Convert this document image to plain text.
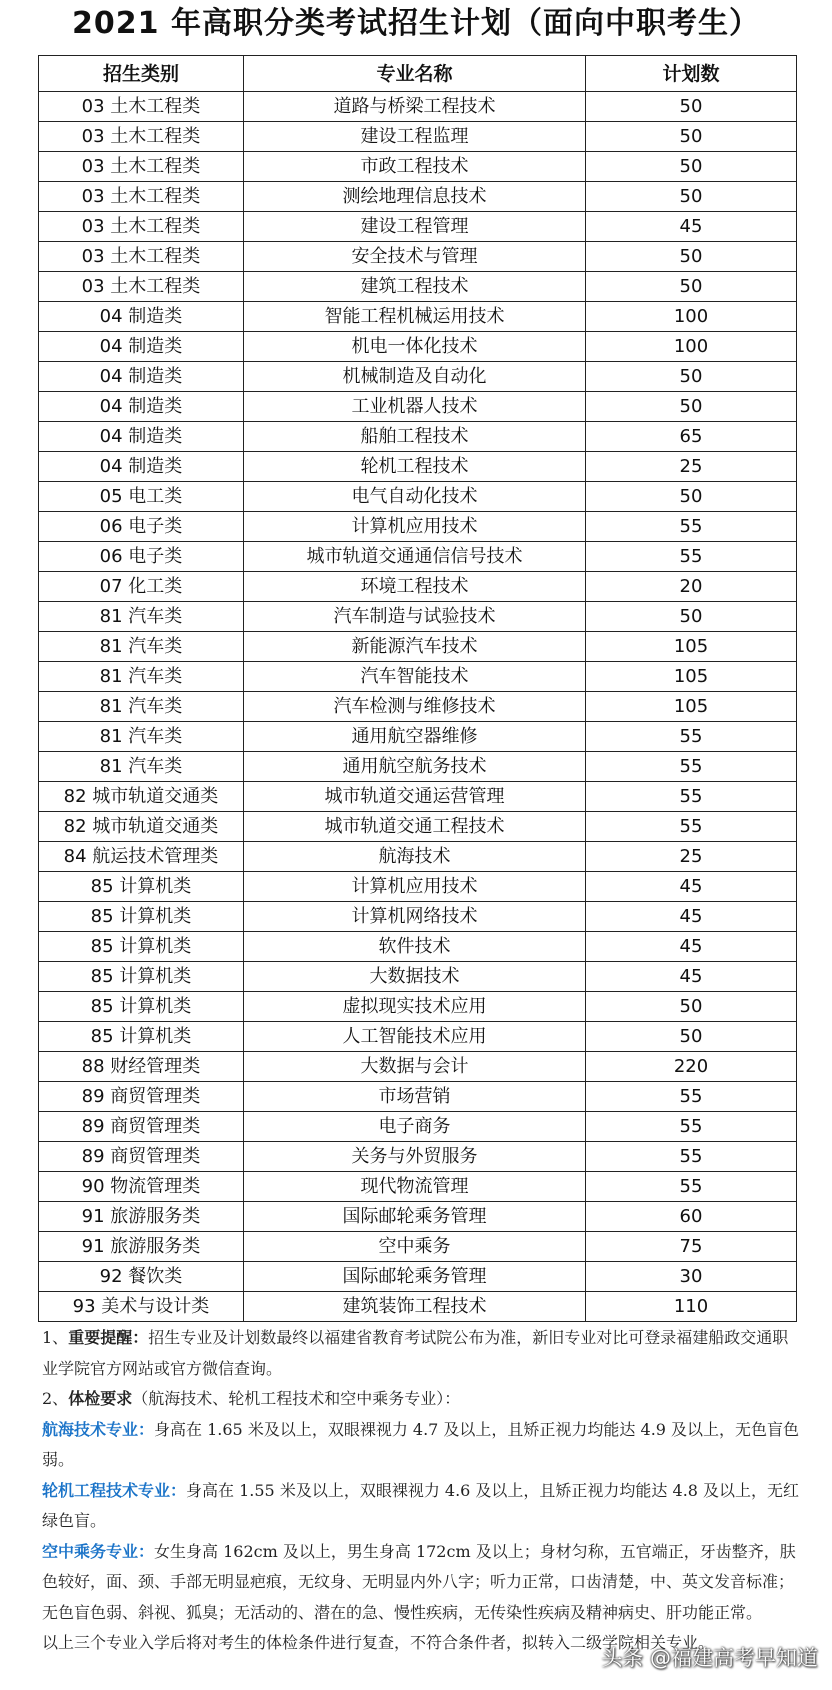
2021 年高职分类考试招生计划（面向中职考生）
招生类别	专业名称	计划数
03 土木工程类	道路与桥梁工程技术	50
03 土木工程类	建设工程监理	50
03 土木工程类	市政工程技术	50
03 土木工程类	测绘地理信息技术	50
03 土木工程类	建设工程管理	45
03 土木工程类	安全技术与管理	50
03 土木工程类	建筑工程技术	50
04 制造类	智能工程机械运用技术	100
04 制造类	机电一体化技术	100
04 制造类	机械制造及自动化	50
04 制造类	工业机器人技术	50
04 制造类	船舶工程技术	65
04 制造类	轮机工程技术	25
05 电工类	电气自动化技术	50
06 电子类	计算机应用技术	55
06 电子类	城市轨道交通通信信号技术	55
07 化工类	环境工程技术	20
81 汽车类	汽车制造与试验技术	50
81 汽车类	新能源汽车技术	105
81 汽车类	汽车智能技术	105
81 汽车类	汽车检测与维修技术	105
81 汽车类	通用航空器维修	55
81 汽车类	通用航空航务技术	55
82 城市轨道交通类	城市轨道交通运营管理	55
82 城市轨道交通类	城市轨道交通工程技术	55
84 航运技术管理类	航海技术	25
85 计算机类	计算机应用技术	45
85 计算机类	计算机网络技术	45
85 计算机类	软件技术	45
85 计算机类	大数据技术	45
85 计算机类	虚拟现实技术应用	50
85 计算机类	人工智能技术应用	50
88 财经管理类	大数据与会计	220
89 商贸管理类	市场营销	55
89 商贸管理类	电子商务	55
89 商贸管理类	关务与外贸服务	55
90 物流管理类	现代物流管理	55
91 旅游服务类	国际邮轮乘务管理	60
91 旅游服务类	空中乘务	75
92 餐饮类	国际邮轮乘务管理	30
93 美术与设计类	建筑装饰工程技术	110

1、重要提醒：招生专业及计划数最终以福建省教育考试院公布为准，新旧专业对比可登录福建船政交通职业学院官方网站或官方微信查询。

2、体检要求（航海技术、轮机工程技术和空中乘务专业）：

航海技术专业：身高在 1.65 米及以上，双眼裸视力 4.7 及以上，且矫正视力均能达 4.9 及以上，无色盲色弱。

轮机工程技术专业：身高在 1.55 米及以上，双眼裸视力 4.6 及以上，且矫正视力均能达 4.8 及以上，无红绿色盲。

空中乘务专业：女生身高 162cm 及以上，男生身高 172cm 及以上；身材匀称，五官端正，牙齿整齐，肤色较好，面、颈、手部无明显疤痕，无纹身、无明显内外八字；听力正常，口齿清楚，中、英文发音标准；无色盲色弱、斜视、狐臭；无活动的、潜在的急、慢性疾病，无传染性疾病及精神病史、肝功能正常。

以上三个专业入学后将对考生的体检条件进行复查，不符合条件者，拟转入二级学院相关专业。

头条 @福建高考早知道
